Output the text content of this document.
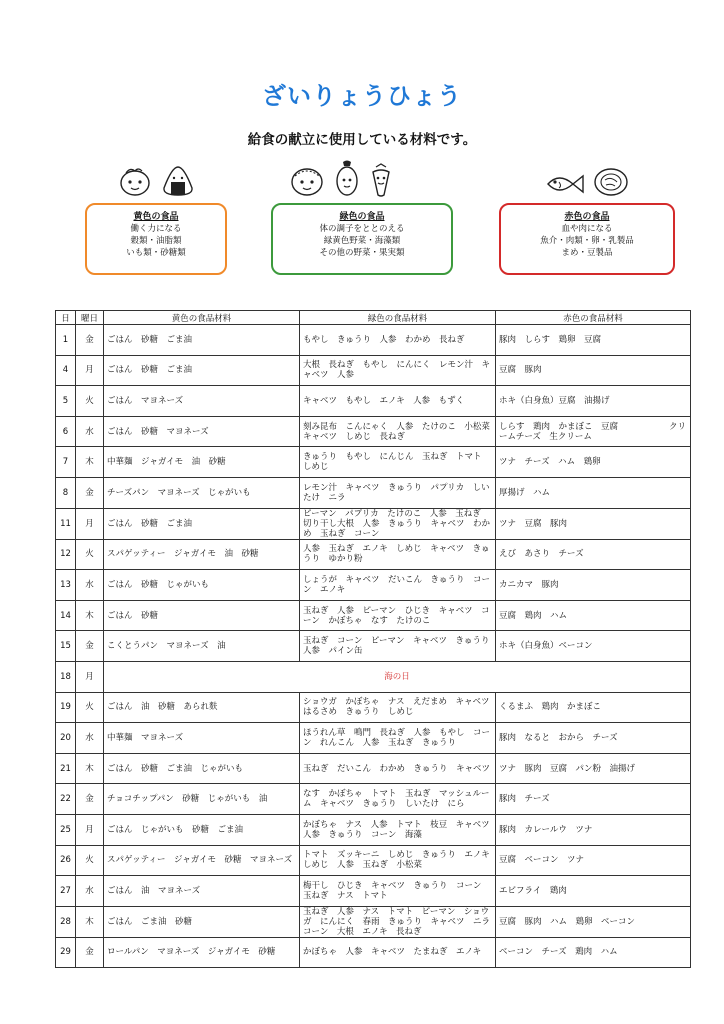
ざいりょうひょう
給食の献立に使用している材料です。
黄色の食品
働く力になる
穀類・油脂類
いも類・砂糖類
緑色の食品
体の調子をととのえる
緑黄色野菜・海藻類
その他の野菜・果実類
赤色の食品
血や肉になる
魚介・肉類・卵・乳製品
まめ・豆製品
日	曜日	黄色の食品材料	緑色の食品材料	赤色の食品材料
1	金	ごはん　砂糖　ごま油	もやし　きゅうり　人参　わかめ　長ねぎ	豚肉　しらす　鶏卵　豆腐
4	月	ごはん　砂糖　ごま油	大根　長ねぎ　もやし　にんにく　レモン汁　キャベツ　人参	豆腐　豚肉
5	火	ごはん　マヨネーズ	キャベツ　もやし　エノキ　人参　もずく	ホキ（白身魚）豆腐　油揚げ
6	水	ごはん　砂糖　マヨネーズ	刻み昆布　こんにゃく　人参　たけのこ　小松菜　キャベツ　しめじ　長ねぎ	しらす　鶏肉　かまぼこ　豆腐　　　　　　クリームチーズ　生クリーム
7	木	中華麺　ジャガイモ　油　砂糖	きゅうり　もやし　にんじん　玉ねぎ　トマト　しめじ	ツナ　チーズ　ハム　鶏卵
8	金	チーズパン　マヨネーズ　じゃがいも	レモン汁　キャベツ　きゅうり　パプリカ　しいたけ　ニラ	厚揚げ　ハム
11	月	ごはん　砂糖　ごま油	ピーマン　パプリカ　たけのこ　人参　玉ねぎ　切り干し大根　人参　きゅうり　キャベツ　わかめ　玉ねぎ　コーン	ツナ　豆腐　豚肉
12	火	スパゲッティー　ジャガイモ　油　砂糖	人参　玉ねぎ　エノキ　しめじ　キャベツ　きゅうり　ゆかり粉	えび　あさり　チーズ
13	水	ごはん　砂糖　じゃがいも	しょうが　キャベツ　だいこん　きゅうり　コーン　エノキ	カニカマ　豚肉
14	木	ごはん　砂糖	玉ねぎ　人参　ピーマン　ひじき　キャベツ　コーン　かぼちゃ　なす　たけのこ	豆腐　鶏肉　ハム
15	金	こくとうパン　マヨネーズ　油	玉ねぎ　コーン　ピーマン　キャベツ　きゅうり　人参　パイン缶	ホキ（白身魚）ベーコン
18	月	海の日		
19	火	ごはん　油　砂糖　あられ麩	ショウガ　かぼちゃ　ナス　えだまめ　キャベツ　はるさめ　きゅうり　しめじ	くるまふ　鶏肉　かまぼこ
20	水	中華麺　マヨネーズ	ほうれん草　鳴門　長ねぎ　人参　もやし　コーン　れんこん　人参　玉ねぎ　きゅうり	豚肉　なると　おから　チーズ
21	木	ごはん　砂糖　ごま油　じゃがいも	玉ねぎ　だいこん　わかめ　きゅうり　キャベツ	ツナ　豚肉　豆腐　パン粉　油揚げ
22	金	チョコチップパン　砂糖　じゃがいも　油	なす　かぼちゃ　トマト　玉ねぎ　マッシュルーム　キャベツ　きゅうり　しいたけ　にら	豚肉　チーズ
25	月	ごはん　じゃがいも　砂糖　ごま油	かぼちゃ　ナス　人参　トマト　枝豆　キャベツ　人参　きゅうり　コーン　海藻	豚肉　カレールウ　ツナ
26	火	スパゲッティー　ジャガイモ　砂糖　マヨネーズ	トマト　ズッキーニ　しめじ　きゅうり　エノキ　しめじ　人参　玉ねぎ　小松菜	豆腐　ベーコン　ツナ
27	水	ごはん　油　マヨネーズ	梅干し　ひじき　キャベツ　きゅうり　コーン　玉ねぎ　ナス　トマト	エビフライ　鶏肉
28	木	ごはん　ごま油　砂糖	玉ねぎ　人参　ナス　トマト　ピーマン　ショウガ　にんにく　春雨　きゅうり　キャベツ　ニラ　コーン　大根　エノキ　長ねぎ	豆腐　豚肉　ハム　鶏卵　ベーコン
29	金	ロールパン　マヨネーズ　ジャガイモ　砂糖	かぼちゃ　人参　キャベツ　たまねぎ　エノキ	ベーコン　チーズ　鶏肉　ハム
